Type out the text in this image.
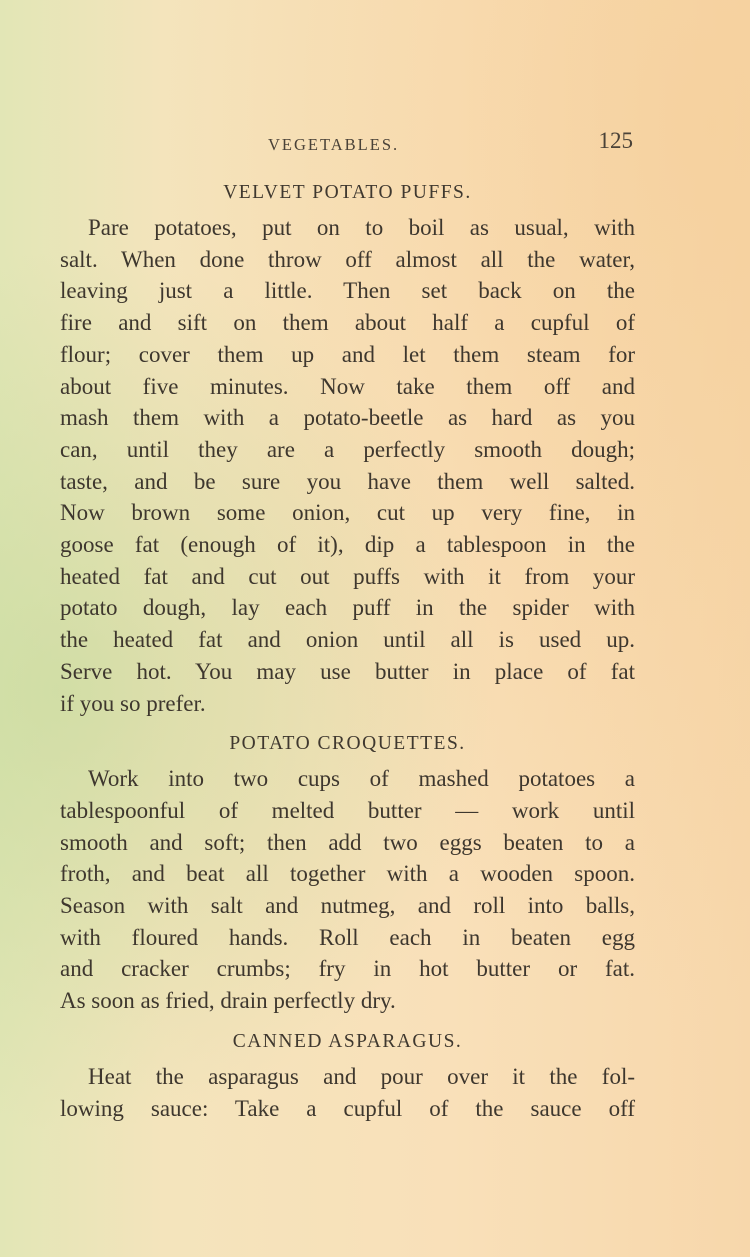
VEGETABLES.	125
VELVET POTATO PUFFS.

Pare potatoes, put on to boil as usual, with
salt. When done throw off almost all the water,
leaving just a little. Then set back on the
fire and sift on them about half a cupful of
flour; cover them up and let them steam for
about five minutes. Now take them off and
mash them with a potato-beetle as hard as you
can, until they are a perfectly smooth dough;
taste, and be sure you have them well salted.
Now brown some onion, cut up very fine, in
goose fat (enough of it), dip a tablespoon in the
heated fat and cut out puffs with it from your
potato dough, lay each puff in the spider with
the heated fat and onion until all is used up.
Serve hot. You may use butter in place of fat
if you so prefer.

POTATO CROQUETTES.

Work into two cups of mashed potatoes a
tablespoonful of melted butter — work until
smooth and soft; then add two eggs beaten to a
froth, and beat all together with a wooden spoon.
Season with salt and nutmeg, and roll into balls,
with floured hands. Roll each in beaten egg
and cracker crumbs; fry in hot butter or fat.
As soon as fried, drain perfectly dry.

CANNED ASPARAGUS.

Heat the asparagus and pour over it the fol-
lowing sauce: Take a cupful of the sauce off
